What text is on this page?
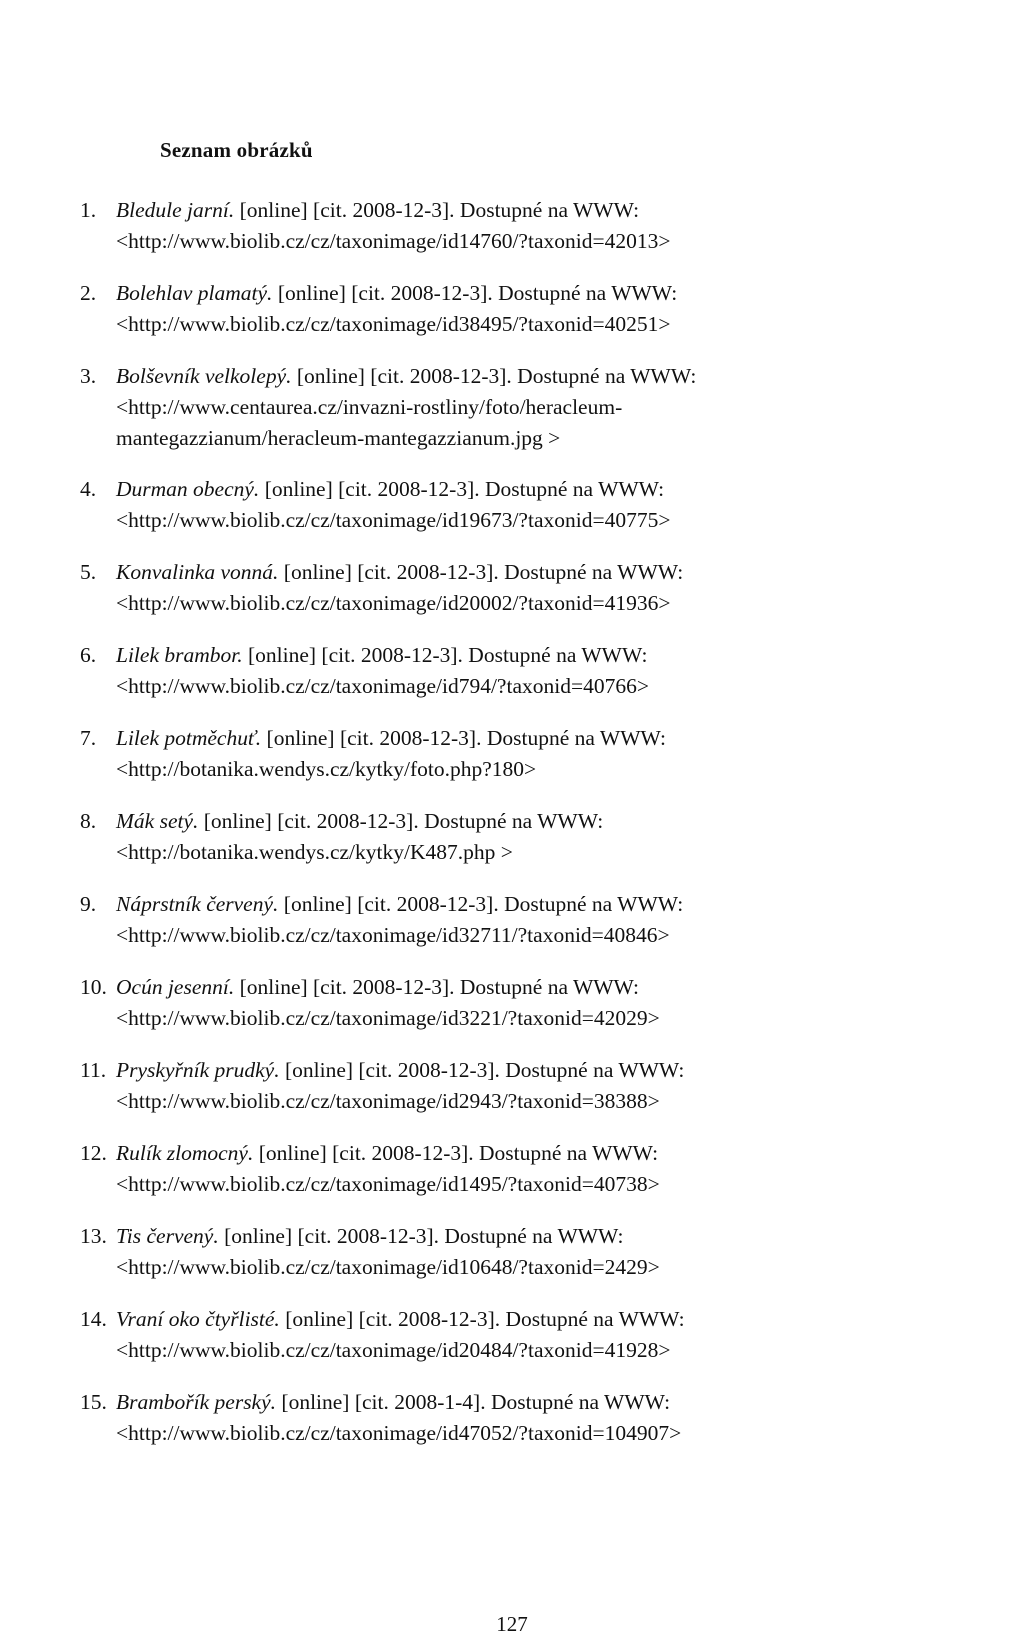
Seznam obrázků
1. Bledule jarní. [online] [cit. 2008-12-3]. Dostupné na WWW:
<http://www.biolib.cz/cz/taxonimage/id14760/?taxonid=42013>
2. Bolehlav plamatý. [online] [cit. 2008-12-3]. Dostupné na WWW:
<http://www.biolib.cz/cz/taxonimage/id38495/?taxonid=40251>
3. Bolševník velkolepý. [online] [cit. 2008-12-3]. Dostupné na WWW:
<http://www.centaurea.cz/invazni-rostliny/foto/heracleum-
mantegazzianum/heracleum-mantegazzianum.jpg >
4. Durman obecný. [online] [cit. 2008-12-3]. Dostupné na WWW:
<http://www.biolib.cz/cz/taxonimage/id19673/?taxonid=40775>
5. Konvalinka vonná. [online] [cit. 2008-12-3]. Dostupné na WWW:
<http://www.biolib.cz/cz/taxonimage/id20002/?taxonid=41936>
6. Lilek brambor. [online] [cit. 2008-12-3]. Dostupné na WWW:
<http://www.biolib.cz/cz/taxonimage/id794/?taxonid=40766>
7. Lilek potměchuť. [online] [cit. 2008-12-3]. Dostupné na WWW:
<http://botanika.wendys.cz/kytky/foto.php?180>
8. Mák setý. [online] [cit. 2008-12-3]. Dostupné na WWW:
<http://botanika.wendys.cz/kytky/K487.php >
9. Náprstník červený. [online] [cit. 2008-12-3]. Dostupné na WWW:
<http://www.biolib.cz/cz/taxonimage/id32711/?taxonid=40846>
10. Ocún jesenní. [online] [cit. 2008-12-3]. Dostupné na WWW:
<http://www.biolib.cz/cz/taxonimage/id3221/?taxonid=42029>
11. Pryskyřník prudký. [online] [cit. 2008-12-3]. Dostupné na WWW:
<http://www.biolib.cz/cz/taxonimage/id2943/?taxonid=38388>
12. Rulík zlomocný. [online] [cit. 2008-12-3]. Dostupné na WWW:
<http://www.biolib.cz/cz/taxonimage/id1495/?taxonid=40738>
13. Tis červený. [online] [cit. 2008-12-3]. Dostupné na WWW:
<http://www.biolib.cz/cz/taxonimage/id10648/?taxonid=2429>
14. Vraní oko čtyřlisté. [online] [cit. 2008-12-3]. Dostupné na WWW:
<http://www.biolib.cz/cz/taxonimage/id20484/?taxonid=41928>
15. Brambořík perský. [online] [cit. 2008-1-4]. Dostupné na WWW:
<http://www.biolib.cz/cz/taxonimage/id47052/?taxonid=104907>
127
